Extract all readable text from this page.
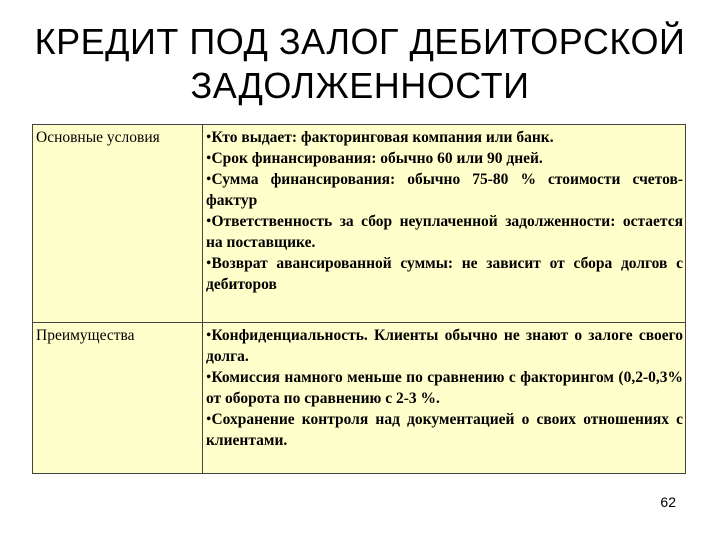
КРЕДИТ ПОД ЗАЛОГ ДЕБИТОРСКОЙ
ЗАДОЛЖЕННОСТИ
Основные условия	•Кто выдает: факторинговая компания или банк.
•Срок финансирования: обычно 60 или 90 дней.
•Сумма финансирования: обычно 75-80 % стоимости счетов-фактур
•Ответственность за сбор неуплаченной задолженности: остается на поставщике.
•Возврат авансированной суммы: не зависит от сбора долгов с дебиторов

Преимущества	•Конфиденциальность. Клиенты обычно не знают о залоге своего долга.
•Комиссия намного меньше по сравнению с факторингом (0,2-0,3% от оборота по сравнению с 2-3 %.
•Сохранение контроля над документацией о своих отношениях с клиентами.
62
